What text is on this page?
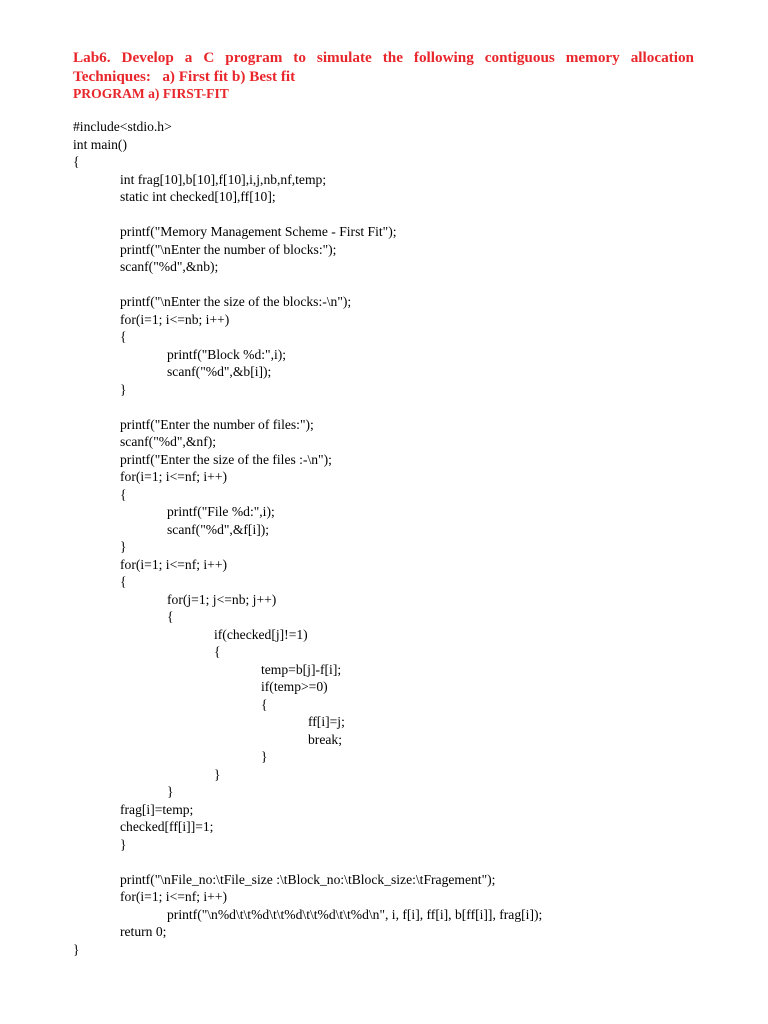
Lab6. Develop a C program to simulate the following contiguous memory allocation
Techniques:   a) First fit b) Best fit
PROGRAM a) FIRST-FIT
#include<stdio.h>
int main()
{
int frag[10],b[10],f[10],i,j,nb,nf,temp;
static int checked[10],ff[10];
printf("Memory Management Scheme - First Fit");
printf("\nEnter the number of blocks:");
scanf("%d",&nb);
printf("\nEnter the size of the blocks:-\n");
for(i=1; i<=nb; i++)
{
printf("Block %d:",i);
scanf("%d",&b[i]);
}
printf("Enter the number of files:");
scanf("%d",&nf);
printf("Enter the size of the files :-\n");
for(i=1; i<=nf; i++)
{
printf("File %d:",i);
scanf("%d",&f[i]);
}
for(i=1; i<=nf; i++)
{
for(j=1; j<=nb; j++)
{
if(checked[j]!=1)
{
temp=b[j]-f[i];
if(temp>=0)
{
ff[i]=j;
break;
}
}
}
frag[i]=temp;
checked[ff[i]]=1;
}
printf("\nFile_no:\tFile_size :\tBlock_no:\tBlock_size:\tFragement");
for(i=1; i<=nf; i++)
printf("\n%d\t\t%d\t\t%d\t\t%d\t\t%d\n", i, f[i], ff[i], b[ff[i]], frag[i]);
return 0;
}
